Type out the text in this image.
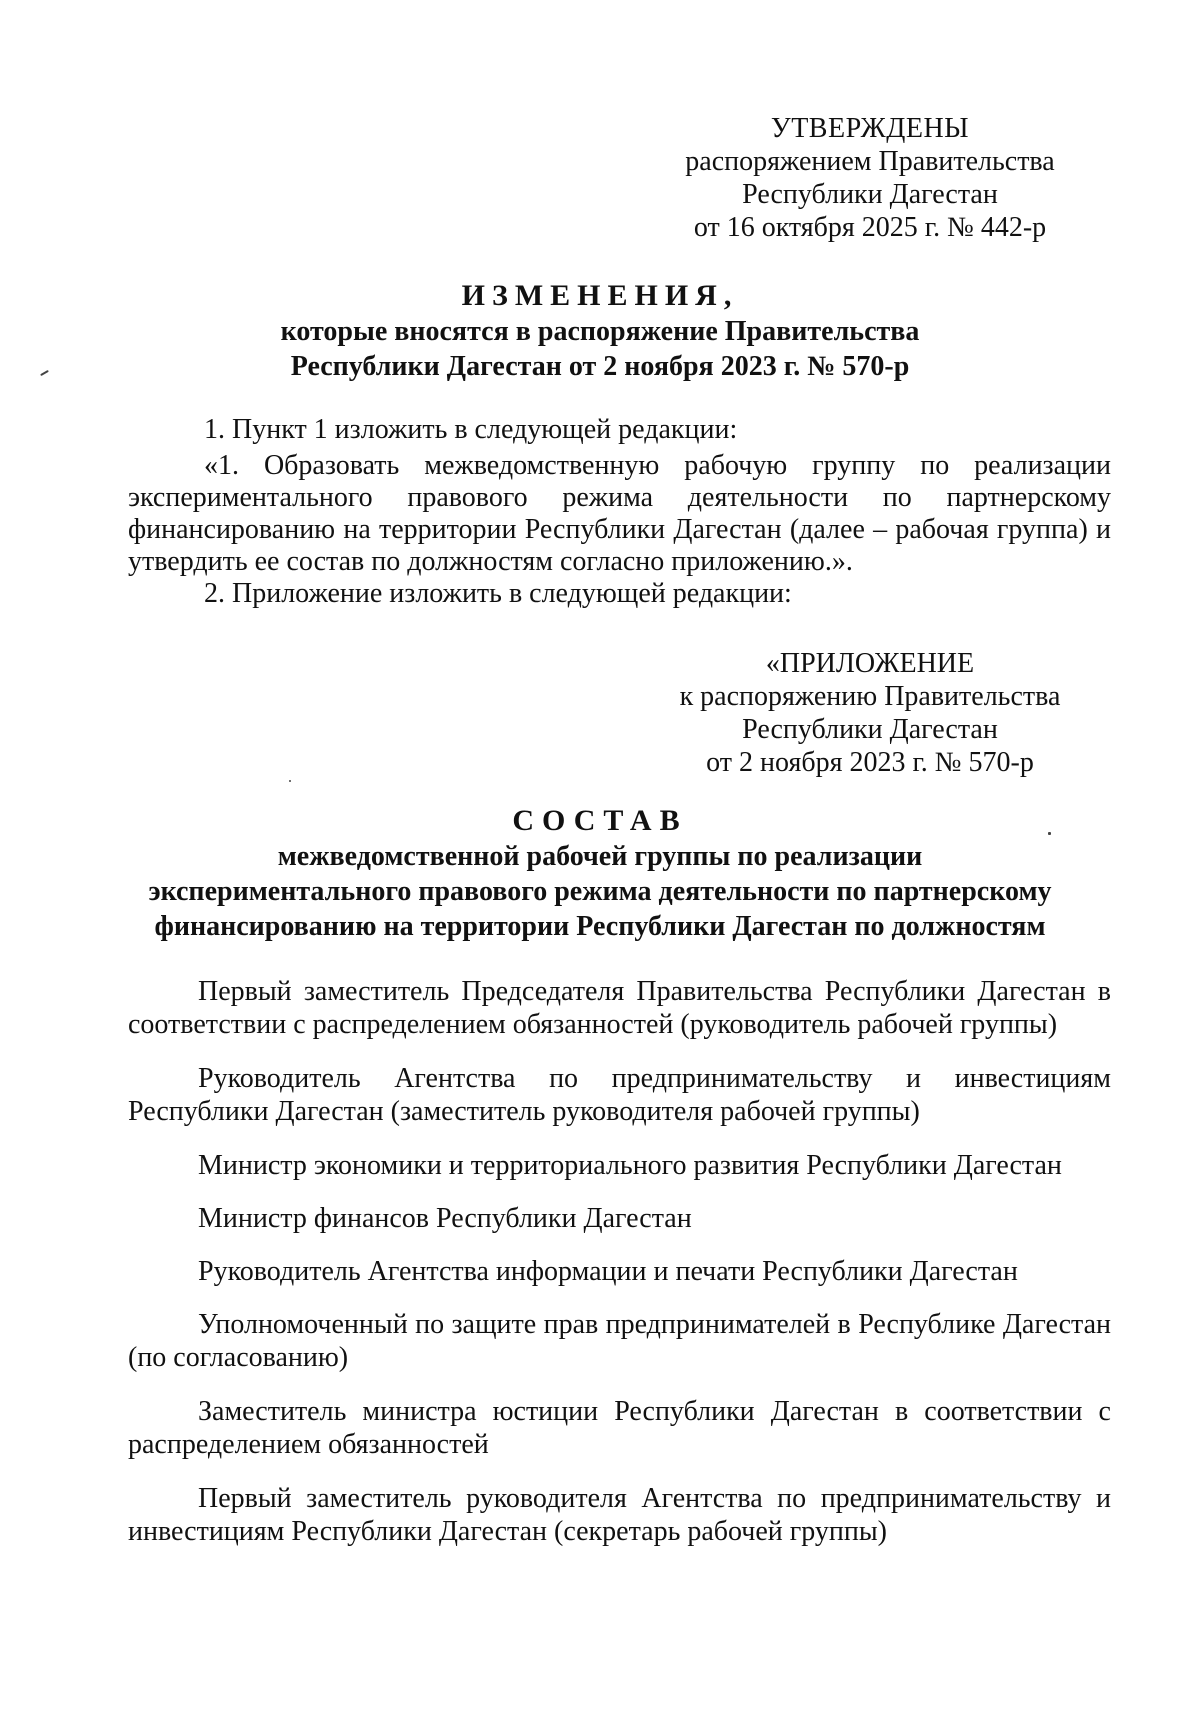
УТВЕРЖДЕНЫ
распоряжением Правительства
Республики Дагестан
от 16 октября 2025 г. № 442-р
ИЗМЕНЕНИЯ,
которые вносятся в распоряжение Правительства
Республики Дагестан от 2 ноября 2023 г. № 570-р
1. Пункт 1 изложить в следующей редакции:
«1. Образовать межведомственную рабочую группу по реализации экспериментального правового режима деятельности по партнерскому финансированию на территории Республики Дагестан (далее – рабочая группа) и утвердить ее состав по должностям согласно приложению.».
2. Приложение изложить в следующей редакции:
«ПРИЛОЖЕНИЕ
к распоряжению Правительства
Республики Дагестан
от 2 ноября 2023 г. № 570-р
СОСТАВ
межведомственной рабочей группы по реализации
экспериментального правового режима деятельности по партнерскому
финансированию на территории Республики Дагестан по должностям
Первый заместитель Председателя Правительства Республики Дагестан в соответствии с распределением обязанностей (руководитель рабочей группы)
Руководитель Агентства по предпринимательству и инвестициям Республики Дагестан (заместитель руководителя рабочей группы)
Министр экономики и территориального развития Республики Дагестан
Министр финансов Республики Дагестан
Руководитель Агентства информации и печати Республики Дагестан
Уполномоченный по защите прав предпринимателей в Республике Дагестан (по согласованию)
Заместитель министра юстиции Республики Дагестан в соответствии с распределением обязанностей
Первый заместитель руководителя Агентства по предпринимательству и инвестициям Республики Дагестан (секретарь рабочей группы)
